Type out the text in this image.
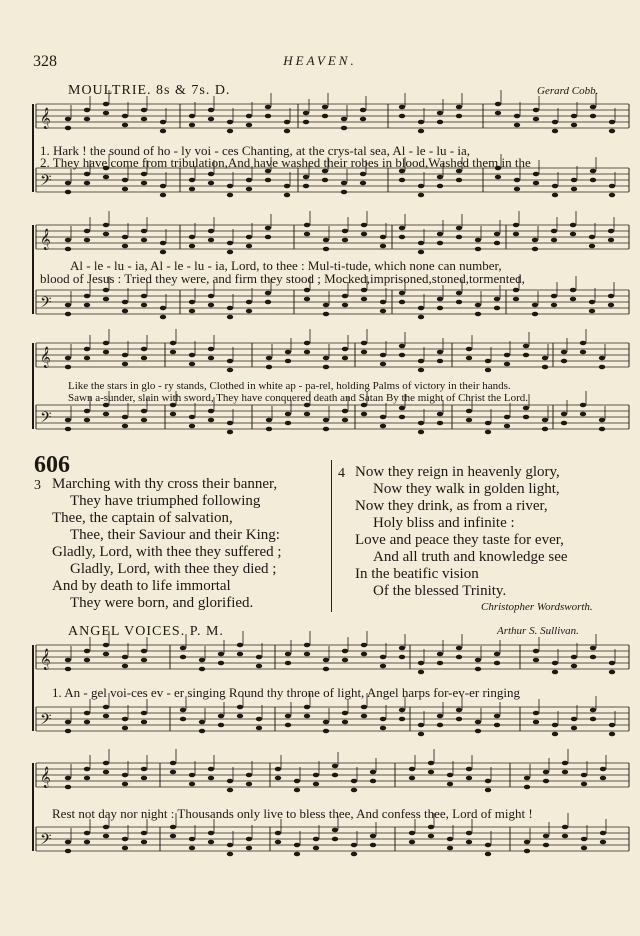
328	HEAVEN.
MOULTRIE. 8s & 7s. D.	Gerard Cobb.
𝄞
𝄢
𝄞
𝄢
𝄞
𝄢
𝄞
𝄢
𝄞
𝄢
1. Hark ! the sound of ho - ly voi - ces Chanting, at the crys-tal sea, Al - le - lu - ia,
2. They have come from tribulation,And have washed their robes in blood,Washed them in the
Al - le - lu - ia, Al - le - lu - ia, Lord, to thee : Mul-ti-tude, which none can number,
blood of Jesus : Tried they were, and firm they stood ; Mocked,imprisoned,stoned,tormented,
Like the stars in glo - ry stands, Clothed in white ap - pa-rel, holding Palms of victory in their hands.
Sawn a-sunder, slain with sword, They have conquered death and Satan By the might of Christ the Lord.
606
3 Marching with thy cross their banner,
They have triumphed following
Thee, the captain of salvation,
Thee, their Saviour and their King:
Gladly, Lord, with thee they suffered ;
Gladly, Lord, with thee they died ;
And by death to life immortal
They were born, and glorified.
4 Now they reign in heavenly glory,
Now they walk in golden light,
Now they drink, as from a river,
Holy bliss and infinite :
Love and peace they taste for ever,
And all truth and knowledge see
In the beatific vision
Of the blessed Trinity.
Christopher Wordsworth.
ANGEL VOICES. P. M.	Arthur S. Sullivan.
1. An - gel voi-ces ev - er singing Round thy throne of light, Angel harps for-ev-er ringing
Rest not day nor night : Thousands only live to bless thee, And confess thee, Lord of might !
